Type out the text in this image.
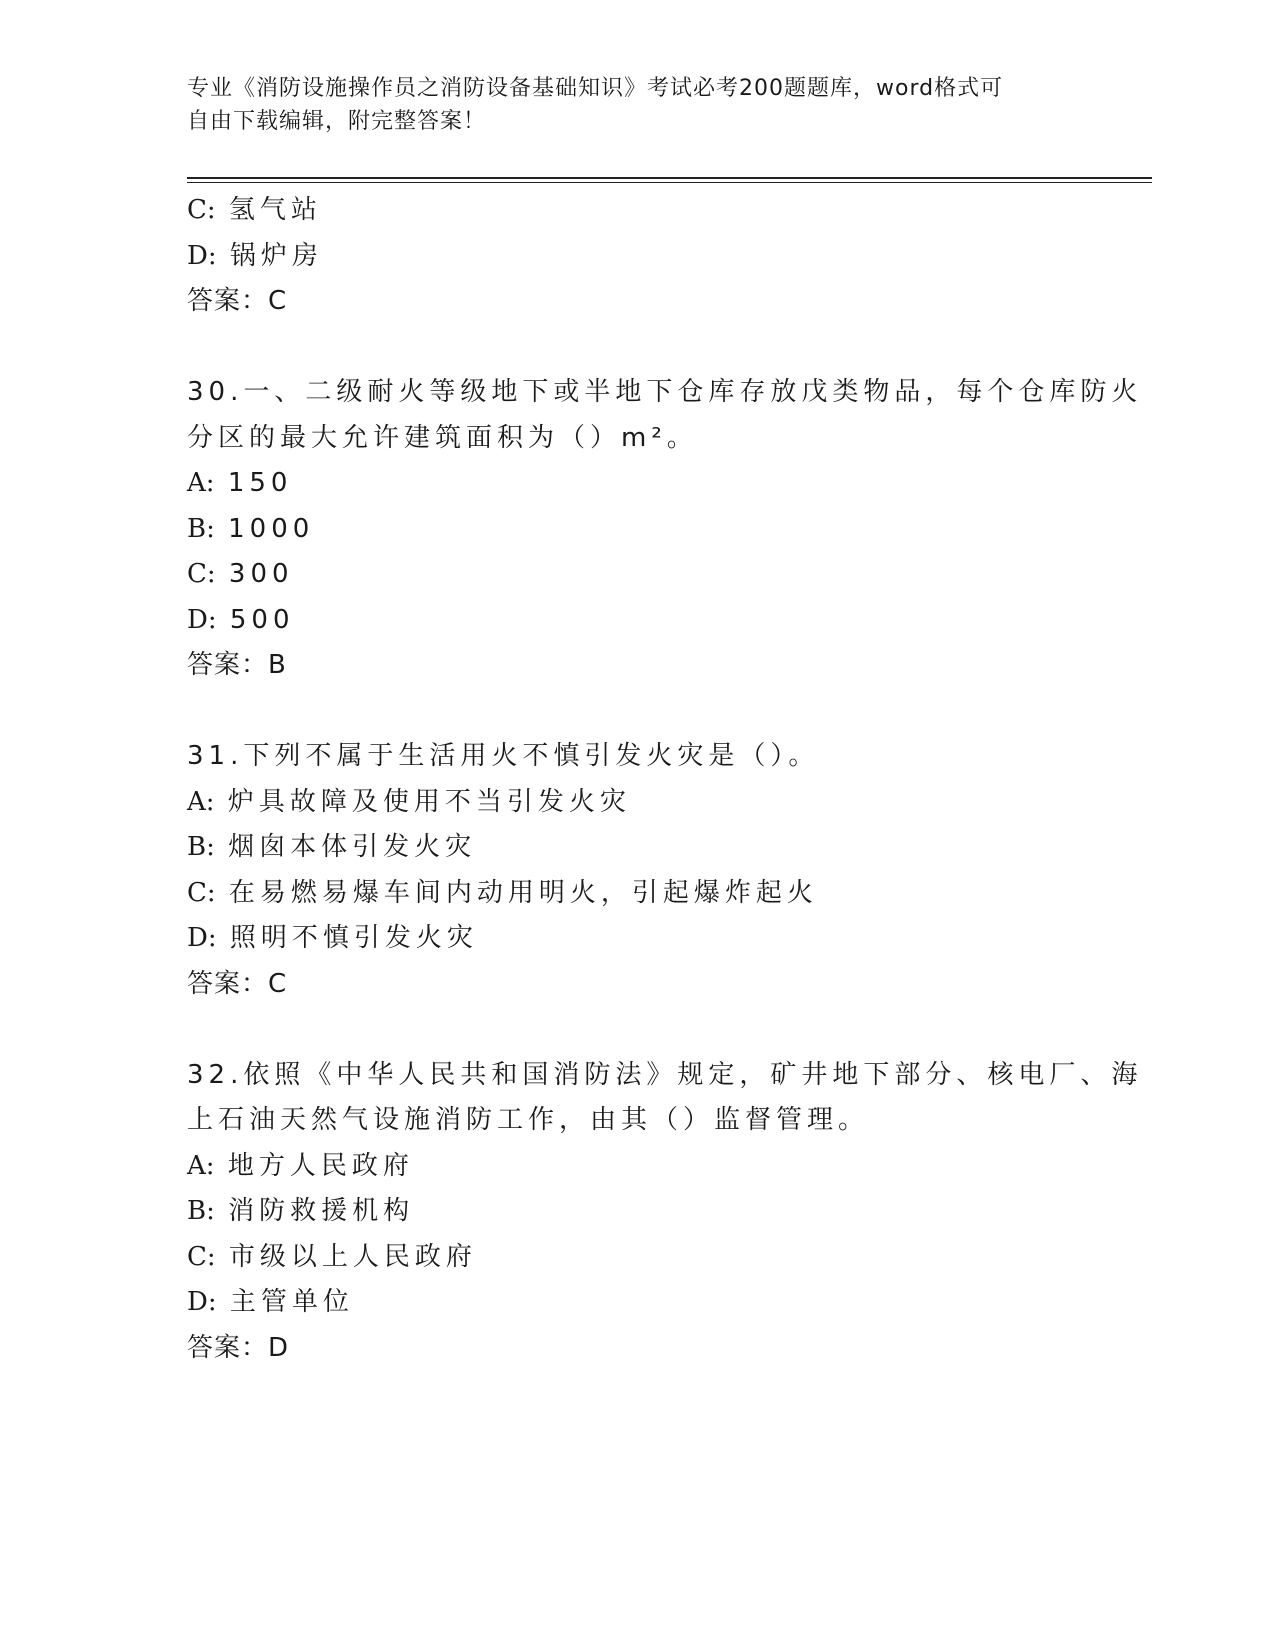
专业《消防设施操作员之消防设备基础知识》考试必考200题题库，word格式可
自由下载编辑，附完整答案！
C: 氢气站
D: 锅炉房
答案：C
30.一、二级耐火等级地下或半地下仓库存放戊类物品，每个仓库防火
分区的最大允许建筑面积为（）m²。
A: 150
B: 1000
C: 300
D: 500
答案：B
31.下列不属于生活用火不慎引发火灾是（）。
A: 炉具故障及使用不当引发火灾
B: 烟囱本体引发火灾
C: 在易燃易爆车间内动用明火，引起爆炸起火
D: 照明不慎引发火灾
答案：C
32.依照《中华人民共和国消防法》规定，矿井地下部分、核电厂、海
上石油天然气设施消防工作，由其（）监督管理。
A: 地方人民政府
B: 消防救援机构
C: 市级以上人民政府
D: 主管单位
答案：D
